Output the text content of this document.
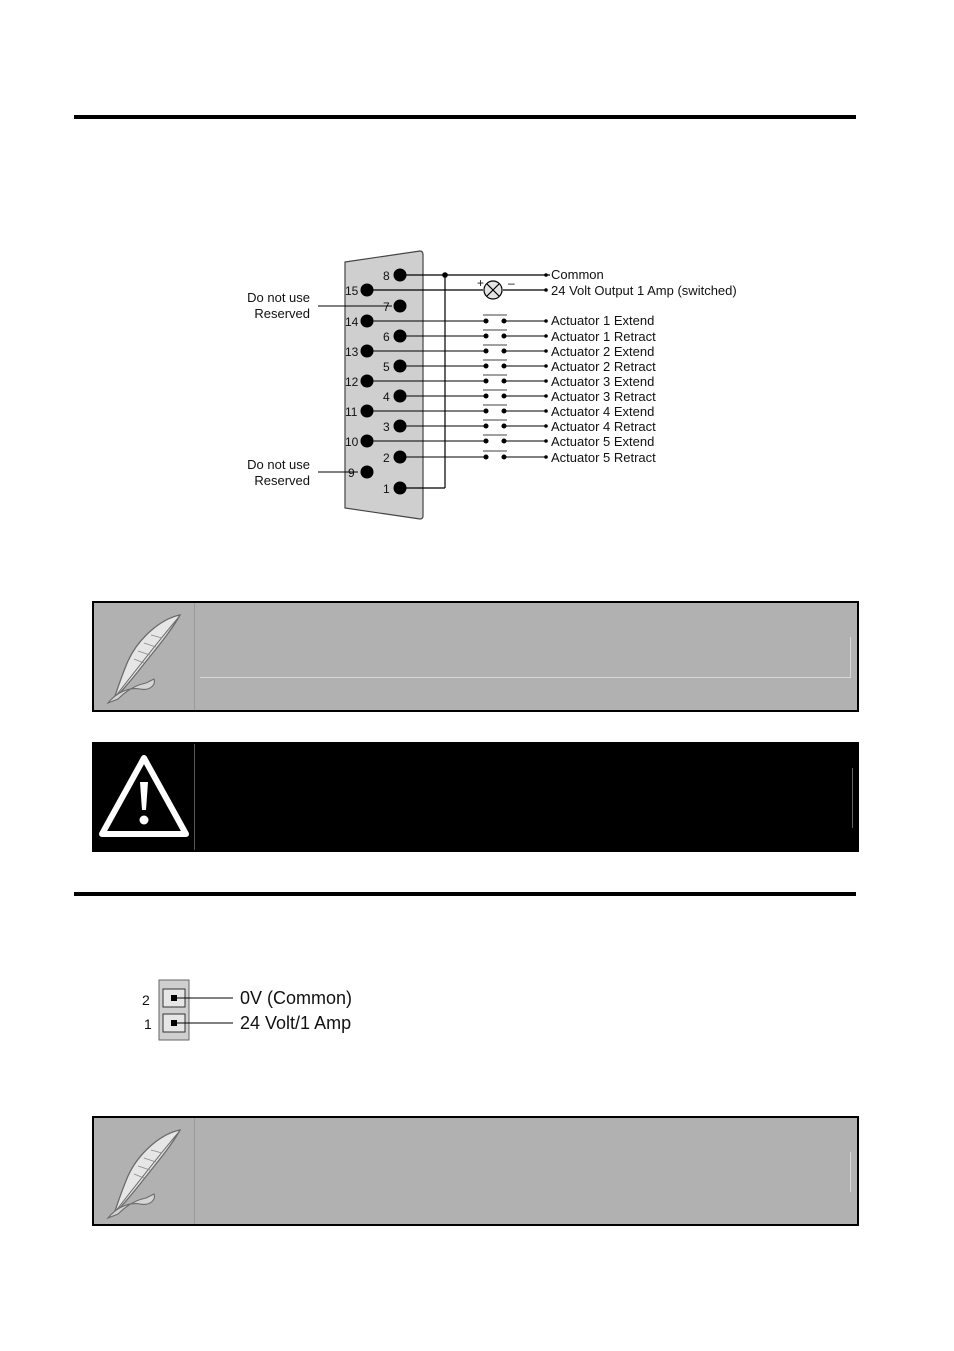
+ –
15
14
13
12
11
10
9
8
7
6
5
4
3
2
1
Do not use
Reserved
Do not use
Reserved
Common
24 Volt Output 1 Amp (switched)
Actuator 1 Extend
Actuator 1 Retract
Actuator 2 Extend
Actuator 2 Retract
Actuator 3 Extend
Actuator 3 Retract
Actuator 4 Extend
Actuator 4 Retract
Actuator 5 Extend
Actuator 5 Retract
2
1
0V (Common)
24 Volt/1 Amp
